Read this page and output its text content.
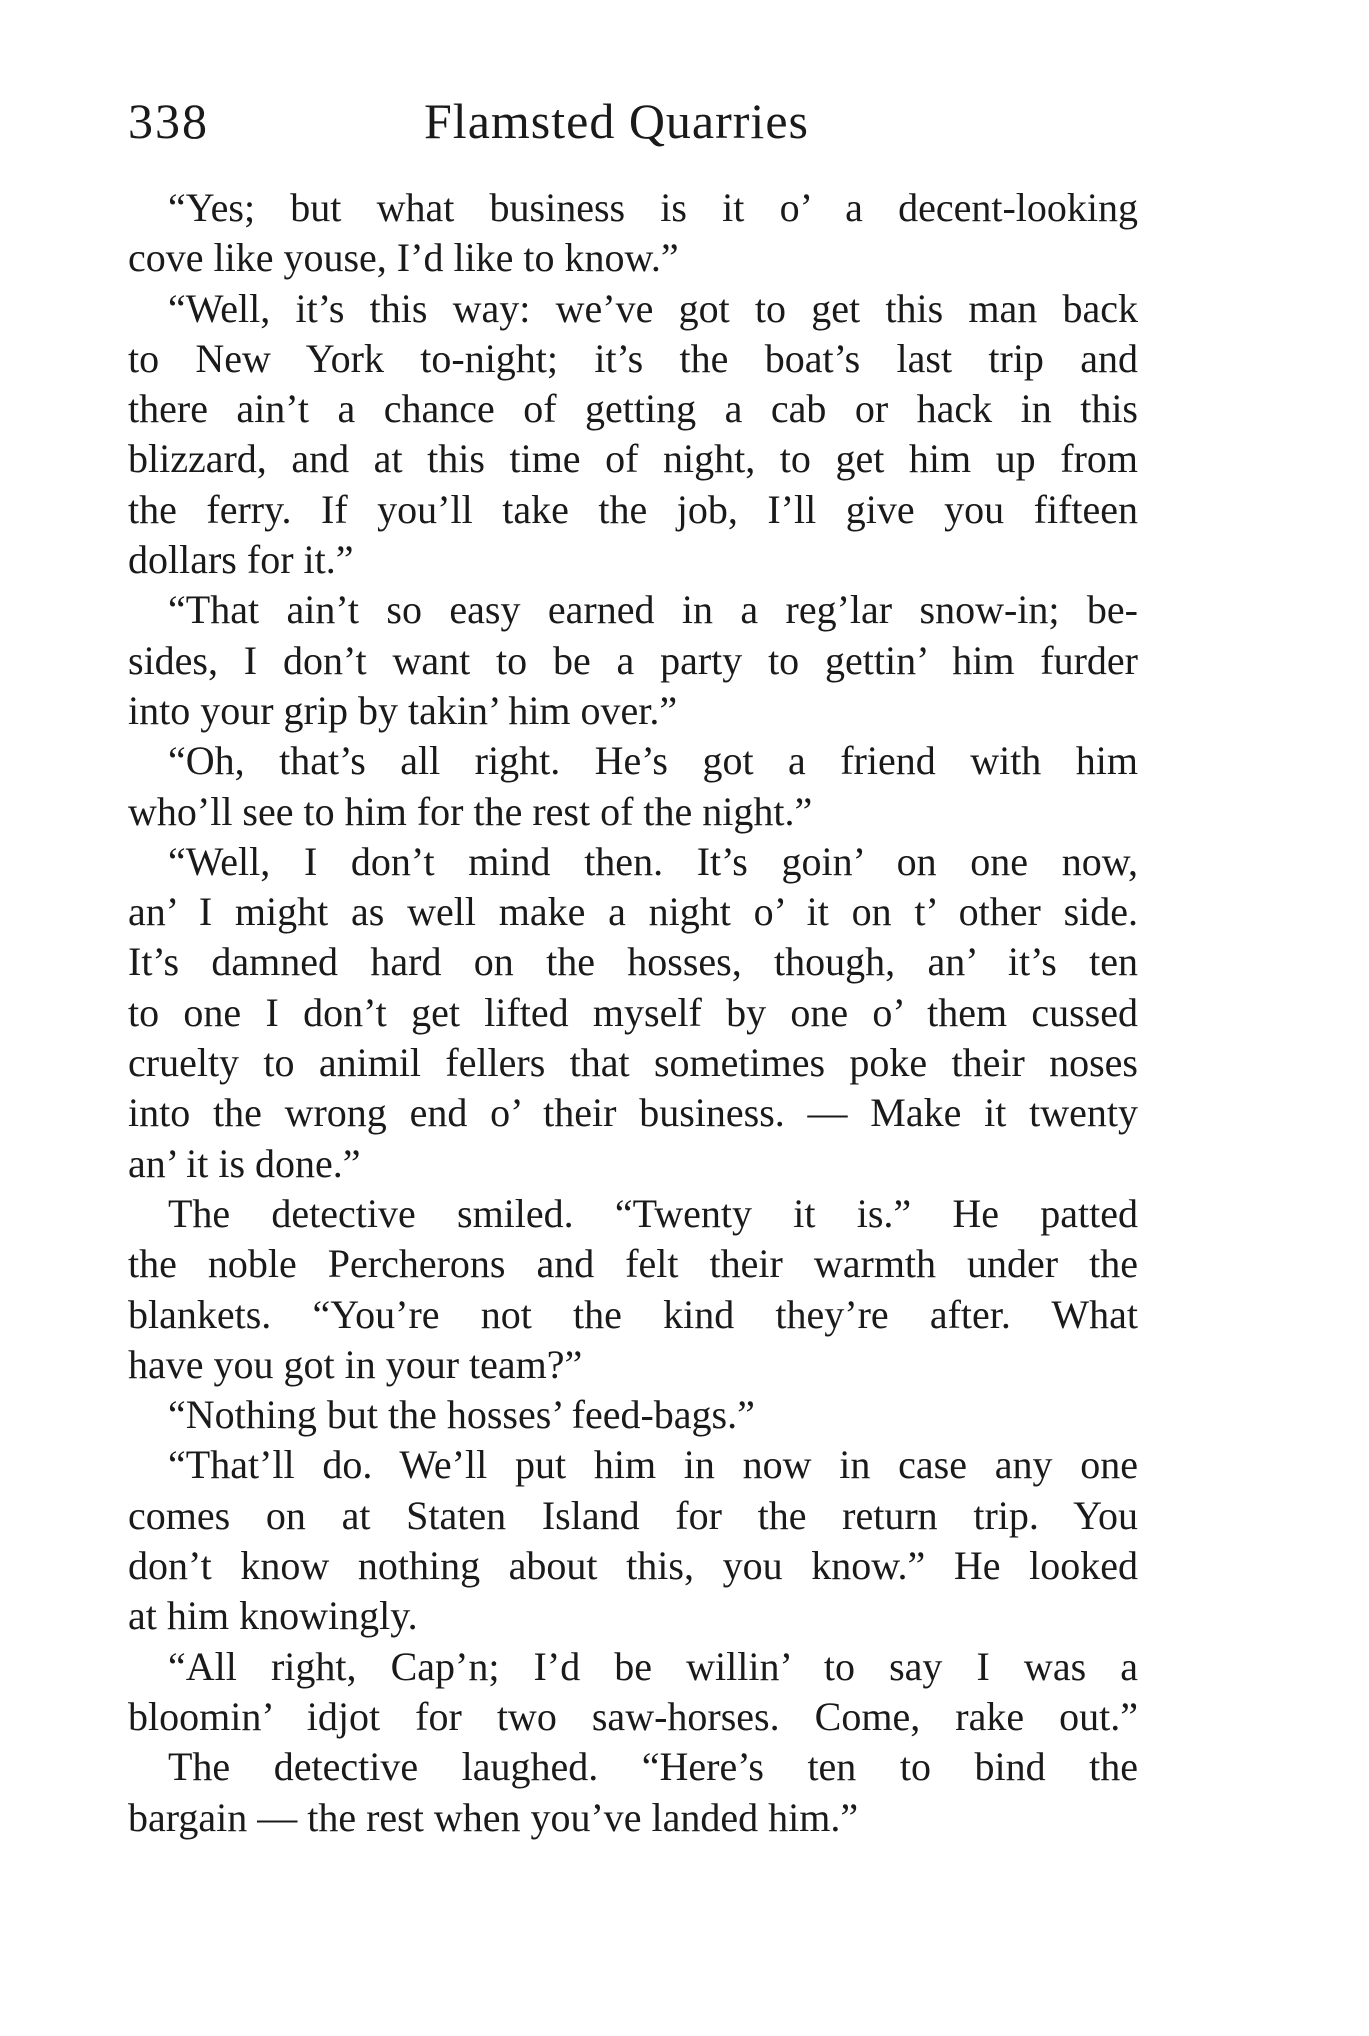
338	Flamsted Quarries
“Yes; but what business is it o’ a decent-looking
cove like youse, I’d like to know.”
“Well, it’s this way: we’ve got to get this man back
to New York to-night; it’s the boat’s last trip and
there ain’t a chance of getting a cab or hack in this
blizzard, and at this time of night, to get him up from
the ferry. If you’ll take the job, I’ll give you fifteen
dollars for it.”
“That ain’t so easy earned in a reg’lar snow-in; be-
sides, I don’t want to be a party to gettin’ him furder
into your grip by takin’ him over.”
“Oh, that’s all right. He’s got a friend with him
who’ll see to him for the rest of the night.”
“Well, I don’t mind then. It’s goin’ on one now,
an’ I might as well make a night o’ it on t’ other side.
It’s damned hard on the hosses, though, an’ it’s ten
to one I don’t get lifted myself by one o’ them cussed
cruelty to animil fellers that sometimes poke their noses
into the wrong end o’ their business. — Make it twenty
an’ it is done.”
The detective smiled. “Twenty it is.” He patted
the noble Percherons and felt their warmth under the
blankets. “You’re not the kind they’re after. What
have you got in your team?”
“Nothing but the hosses’ feed-bags.”
“That’ll do. We’ll put him in now in case any one
comes on at Staten Island for the return trip. You
don’t know nothing about this, you know.” He looked
at him knowingly.
“All right, Cap’n; I’d be willin’ to say I was a
bloomin’ idjot for two saw-horses. Come, rake out.”
The detective laughed. “Here’s ten to bind the
bargain — the rest when you’ve landed him.”
